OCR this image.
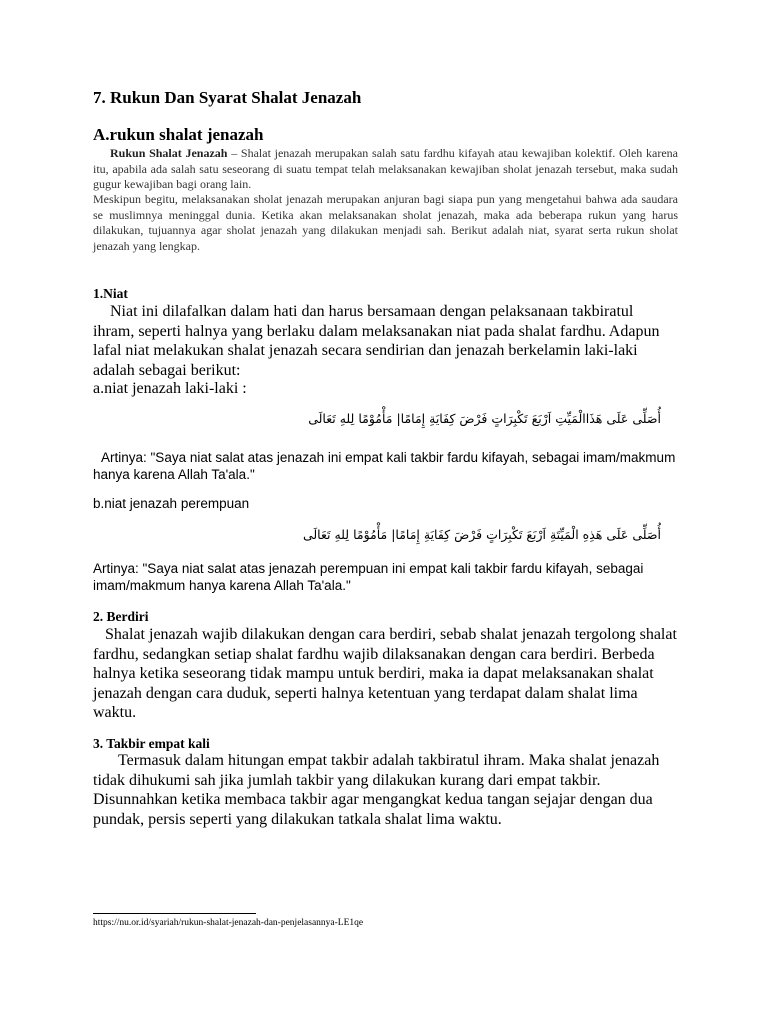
7. Rukun Dan Syarat Shalat Jenazah
A.rukun shalat jenazah
Rukun Shalat Jenazah – Shalat jenazah merupakan salah satu fardhu kifayah atau kewajiban kolektif. Oleh karena itu, apabila ada salah satu seseorang di suatu tempat telah melaksanakan kewajiban sholat jenazah tersebut, maka sudah gugur kewajiban bagi orang lain.
Meskipun begitu, melaksanakan sholat jenazah merupakan anjuran bagi siapa pun yang mengetahui bahwa ada saudara se muslimnya meninggal dunia. Ketika akan melaksanakan sholat jenazah, maka ada beberapa rukun yang harus dilakukan, tujuannya agar sholat jenazah yang dilakukan menjadi sah. Berikut adalah niat, syarat serta rukun sholat jenazah yang lengkap.
1.Niat
Niat ini dilafalkan dalam hati dan harus bersamaan dengan pelaksanaan takbiratul ihram, seperti halnya yang berlaku dalam melaksanakan niat pada shalat fardhu. Adapun lafal niat melakukan shalat jenazah secara sendirian dan jenazah berkelamin laki-laki adalah sebagai berikut:
a.niat jenazah laki-laki :
أُصَلِّى عَلَى هَذَاالْمَيِّتِ اَرْبَعَ تَكْبِرَاتٍ فَرْضَ كِفَايَةِ إِمَامًا| مَأْمُوْمًا لِلهِ تَعَالَى
Artinya: "Saya niat salat atas jenazah ini empat kali takbir fardu kifayah, sebagai imam/makmum hanya karena Allah Ta'ala."
b.niat jenazah perempuan
أُصَلِّى عَلَى هَذِهِ الْمَيِّتَةِ اَرْبَعَ تَكْبِرَاتٍ فَرْضَ كِفَايَةِ إِمَامًا| مَأْمُوْمًا لِلهِ تَعَالَى
Artinya: "Saya niat salat atas jenazah perempuan ini empat kali takbir fardu kifayah, sebagai imam/makmum hanya karena Allah Ta'ala."
2. Berdiri
Shalat jenazah wajib dilakukan dengan cara berdiri, sebab shalat jenazah tergolong shalat fardhu, sedangkan setiap shalat fardhu wajib dilaksanakan dengan cara berdiri. Berbeda halnya ketika seseorang tidak mampu untuk berdiri, maka ia dapat melaksanakan shalat jenazah dengan cara duduk, seperti halnya ketentuan yang terdapat dalam shalat lima waktu.
3. Takbir empat kali
Termasuk dalam hitungan empat takbir adalah takbiratul ihram. Maka shalat jenazah tidak dihukumi sah jika jumlah takbir yang dilakukan kurang dari empat takbir. Disunnahkan ketika membaca takbir agar mengangkat kedua tangan sejajar dengan dua pundak, persis seperti yang dilakukan tatkala shalat lima waktu.
https://nu.or.id/syariah/rukun-shalat-jenazah-dan-penjelasannya-LE1qe
